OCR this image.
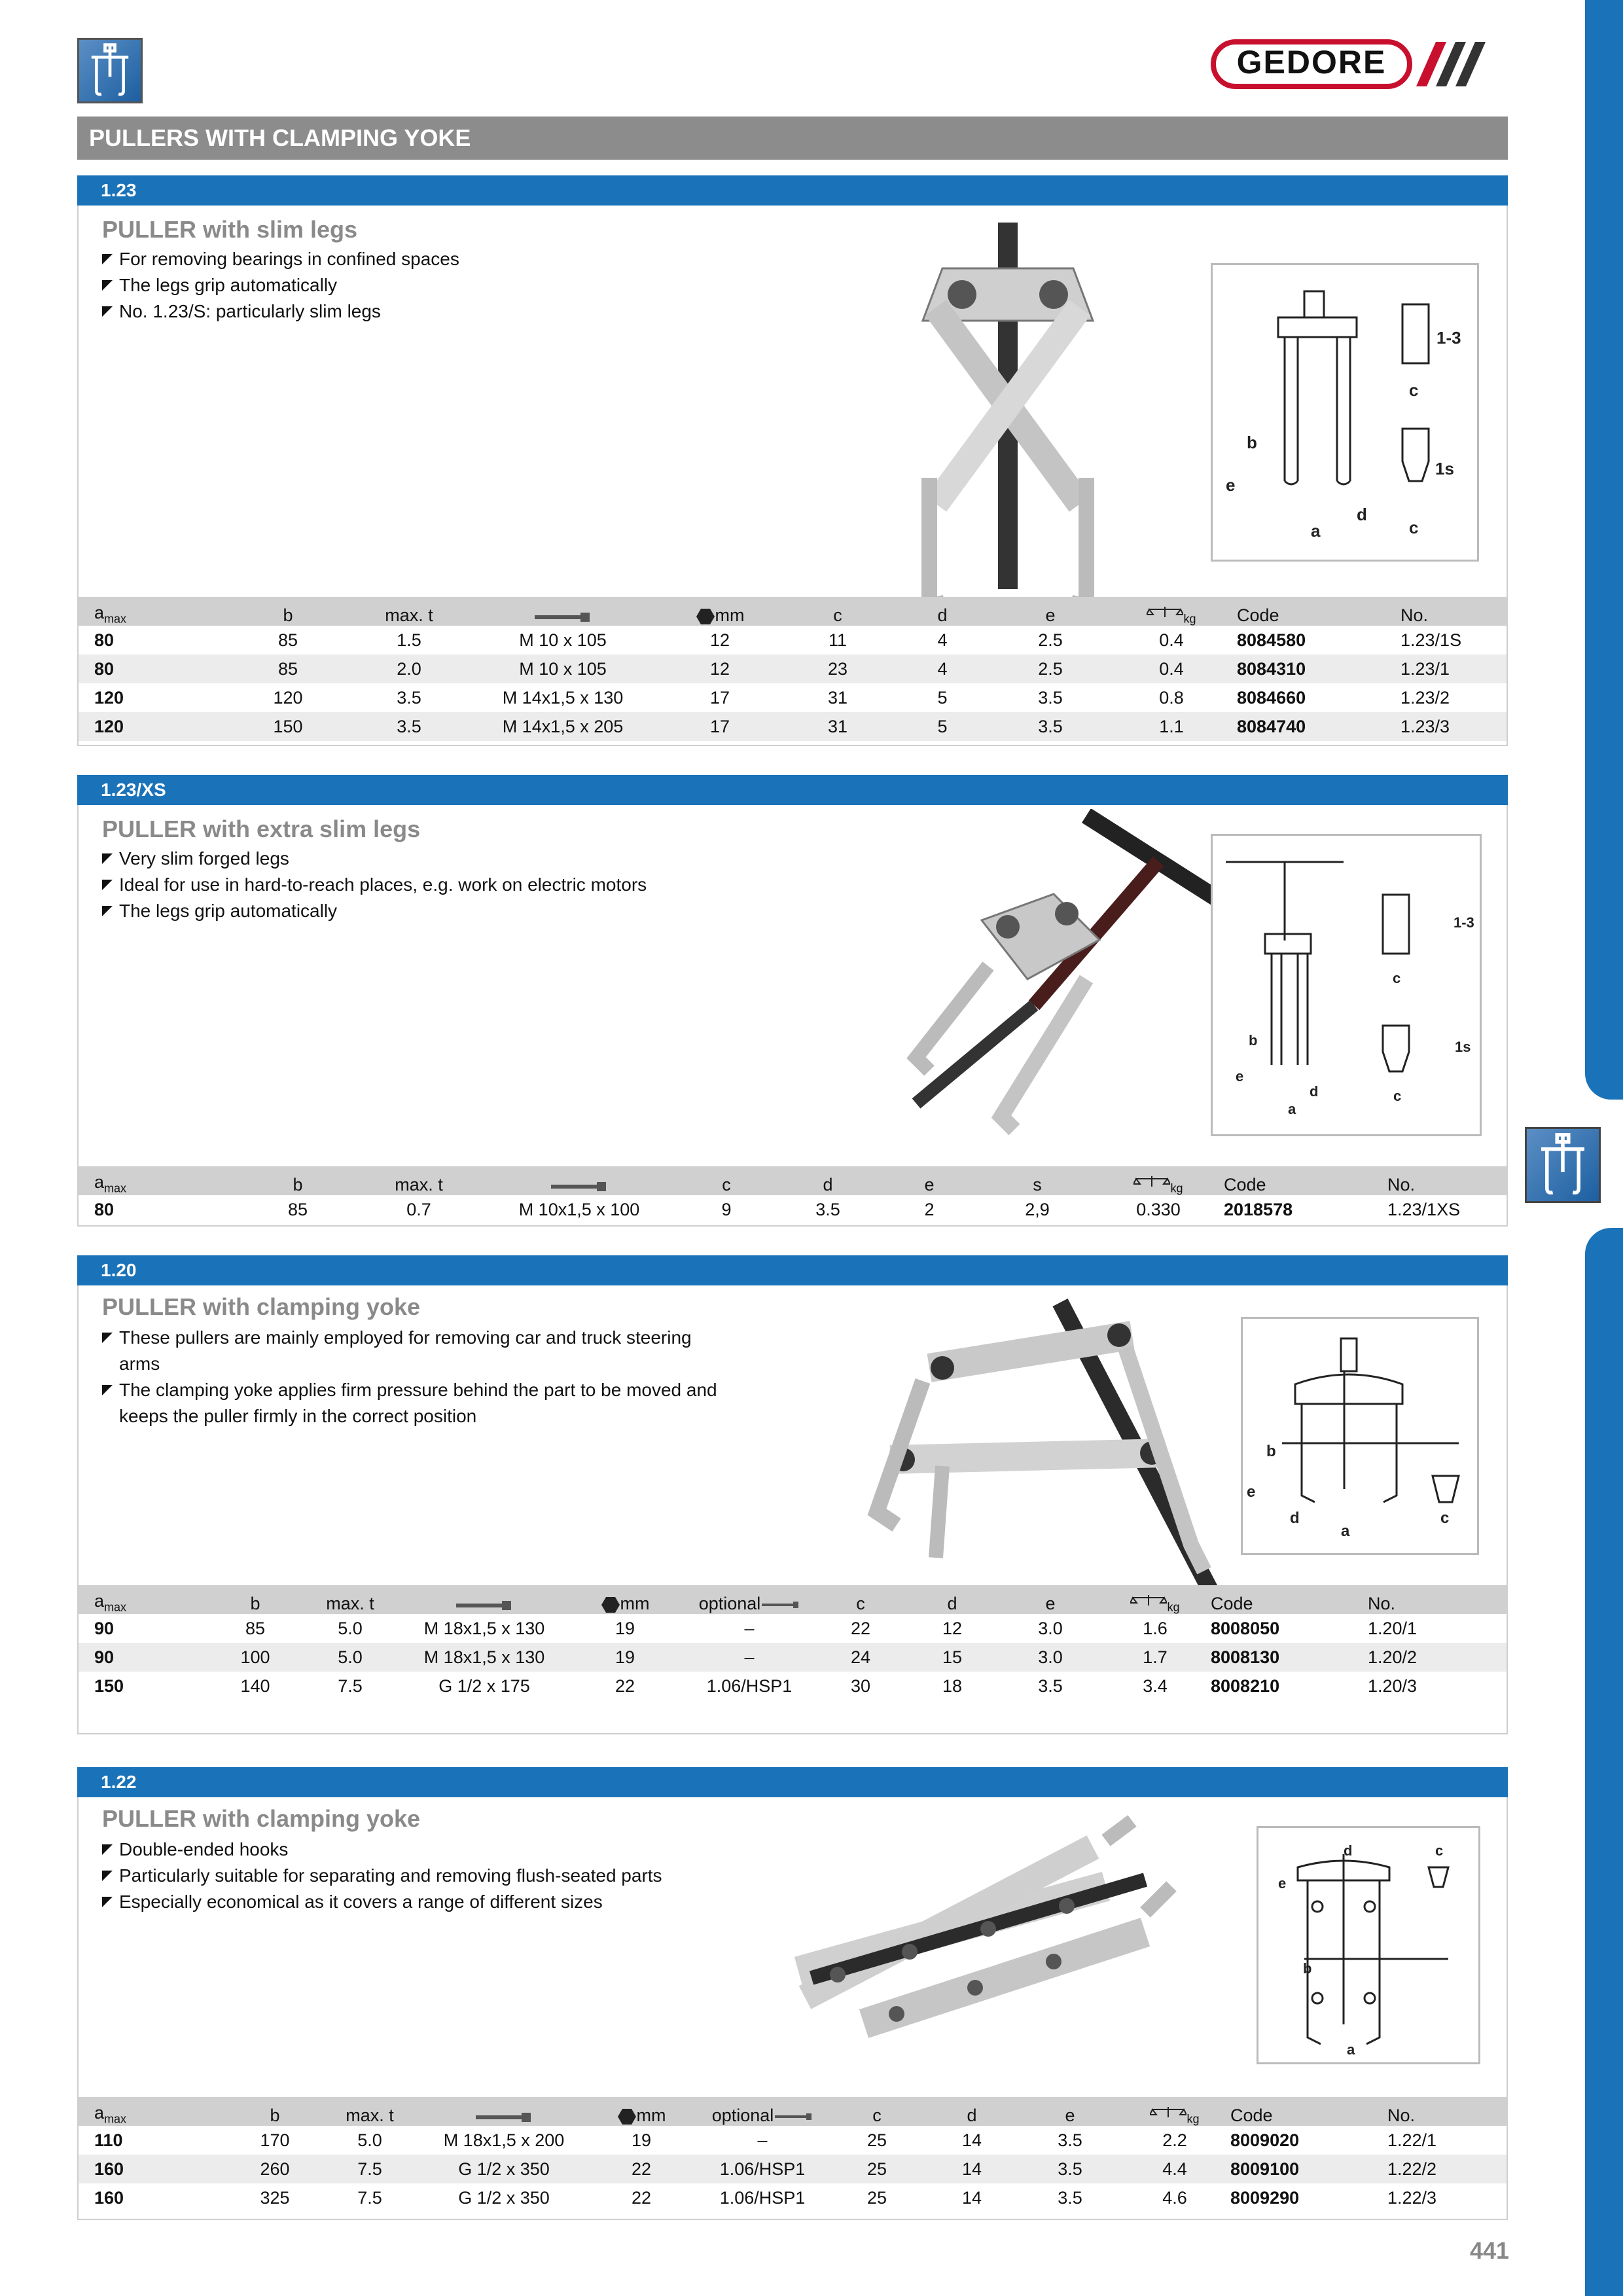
GEDORE
PULLERS WITH CLAMPING YOKE
1.23
PULLER with slim legs
For removing bearings in confined spaces
The legs grip automatically
No. 1.23/S: particularly slim legs
1-3
c
b
e
1s
a
d
c
$a_{max}$	b	max. t		mm	c	d	e	$_{kg}$	Code	No.
80	85	1.5	M 10 x 105	12	11	4	2.5	0.4	8084580	1.23/1S
80	85	2.0	M 10 x 105	12	23	4	2.5	0.4	8084310	1.23/1
120	120	3.5	M 14x1,5 x 130	17	31	5	3.5	0.8	8084660	1.23/2
120	150	3.5	M 14x1,5 x 205	17	31	5	3.5	1.1	8084740	1.23/3
1.23/XS
PULLER with extra slim legs
Very slim forged legs
Ideal for use in hard-to-reach places, e.g. work on electric motors
The legs grip automatically
1-3
c
b	1s
e
d
a
c
$a_{max}$	b	max. t		c	d	e	s	$_{kg}$	Code	No.
80	85	0.7	M 10x1,5 x 100	9	3.5	2	2,9	0.330	2018578	1.23/1XS
1.20
PULLER with clamping yoke
These pullers are mainly employed for removing car and truck steering arms
The clamping yoke applies firm pressure behind the part to be moved and keeps the puller firmly in the correct position
b
e
d
a
c
$a_{max}$	b	max. t		mm	optional	c	d	e	$_{kg}$	Code	No.
90	85	5.0	M 18x1,5 x 130	19	–	22	12	3.0	1.6	8008050	1.20/1
90	100	5.0	M 18x1,5 x 130	19	–	24	15	3.0	1.7	8008130	1.20/2
150	140	7.5	G 1/2 x 175	22	1.06/HSP1	30	18	3.5	3.4	8008210	1.20/3
1.22
PULLER with clamping yoke
Double-ended hooks
Particularly suitable for separating and removing flush-seated parts
Especially economical as it covers a range of different sizes
d	c
e
b
a
$a_{max}$	b	max. t		mm	optional	c	d	e	$_{kg}$	Code	No.
110	170	5.0	M 18x1,5 x 200	19	–	25	14	3.5	2.2	8009020	1.22/1
160	260	7.5	G 1/2 x 350	22	1.06/HSP1	25	14	3.5	4.4	8009100	1.22/2
160	325	7.5	G 1/2 x 350	22	1.06/HSP1	25	14	3.5	4.6	8009290	1.22/3
441
